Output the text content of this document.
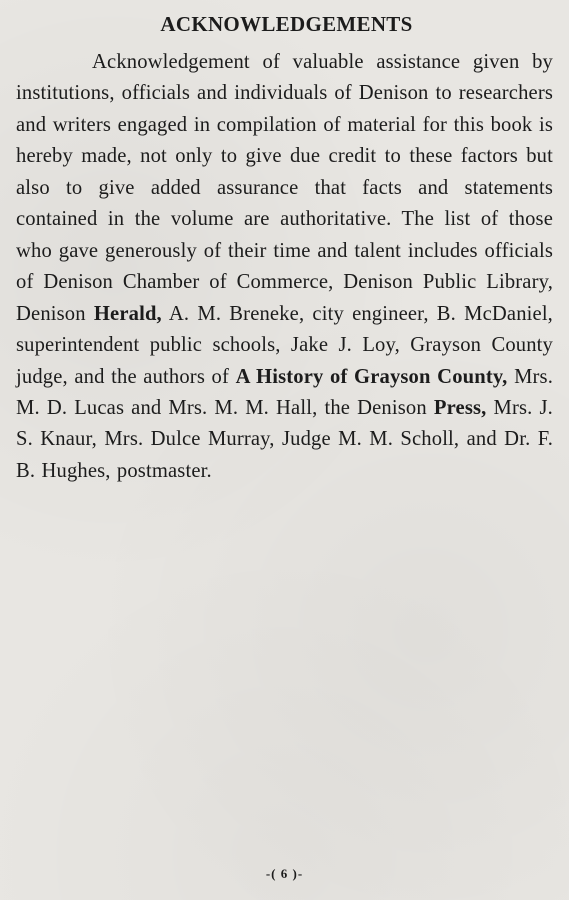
ACKNOWLEDGEMENTS

Acknowledgement of valuable assistance given by institutions, officials and individuals of Denison to researchers and writers engaged in compilation of material for this book is hereby made, not only to give due credit to these factors but also to give added assurance that facts and statements contained in the volume are authoritative. The list of those who gave generously of their time and talent includes officials of Denison Chamber of Commerce, Denison Public Library, Denison Herald, A. M. Breneke, city engineer, B. McDaniel, superintendent public schools, Jake J. Loy, Grayson County judge, and the authors of A History of Grayson County, Mrs. M. D. Lucas and Mrs. M. M. Hall, the Denison Press, Mrs. J. S. Knaur, Mrs. Dulce Murray, Judge M. M. Scholl, and Dr. F. B. Hughes, postmaster.

-( 6 )-
